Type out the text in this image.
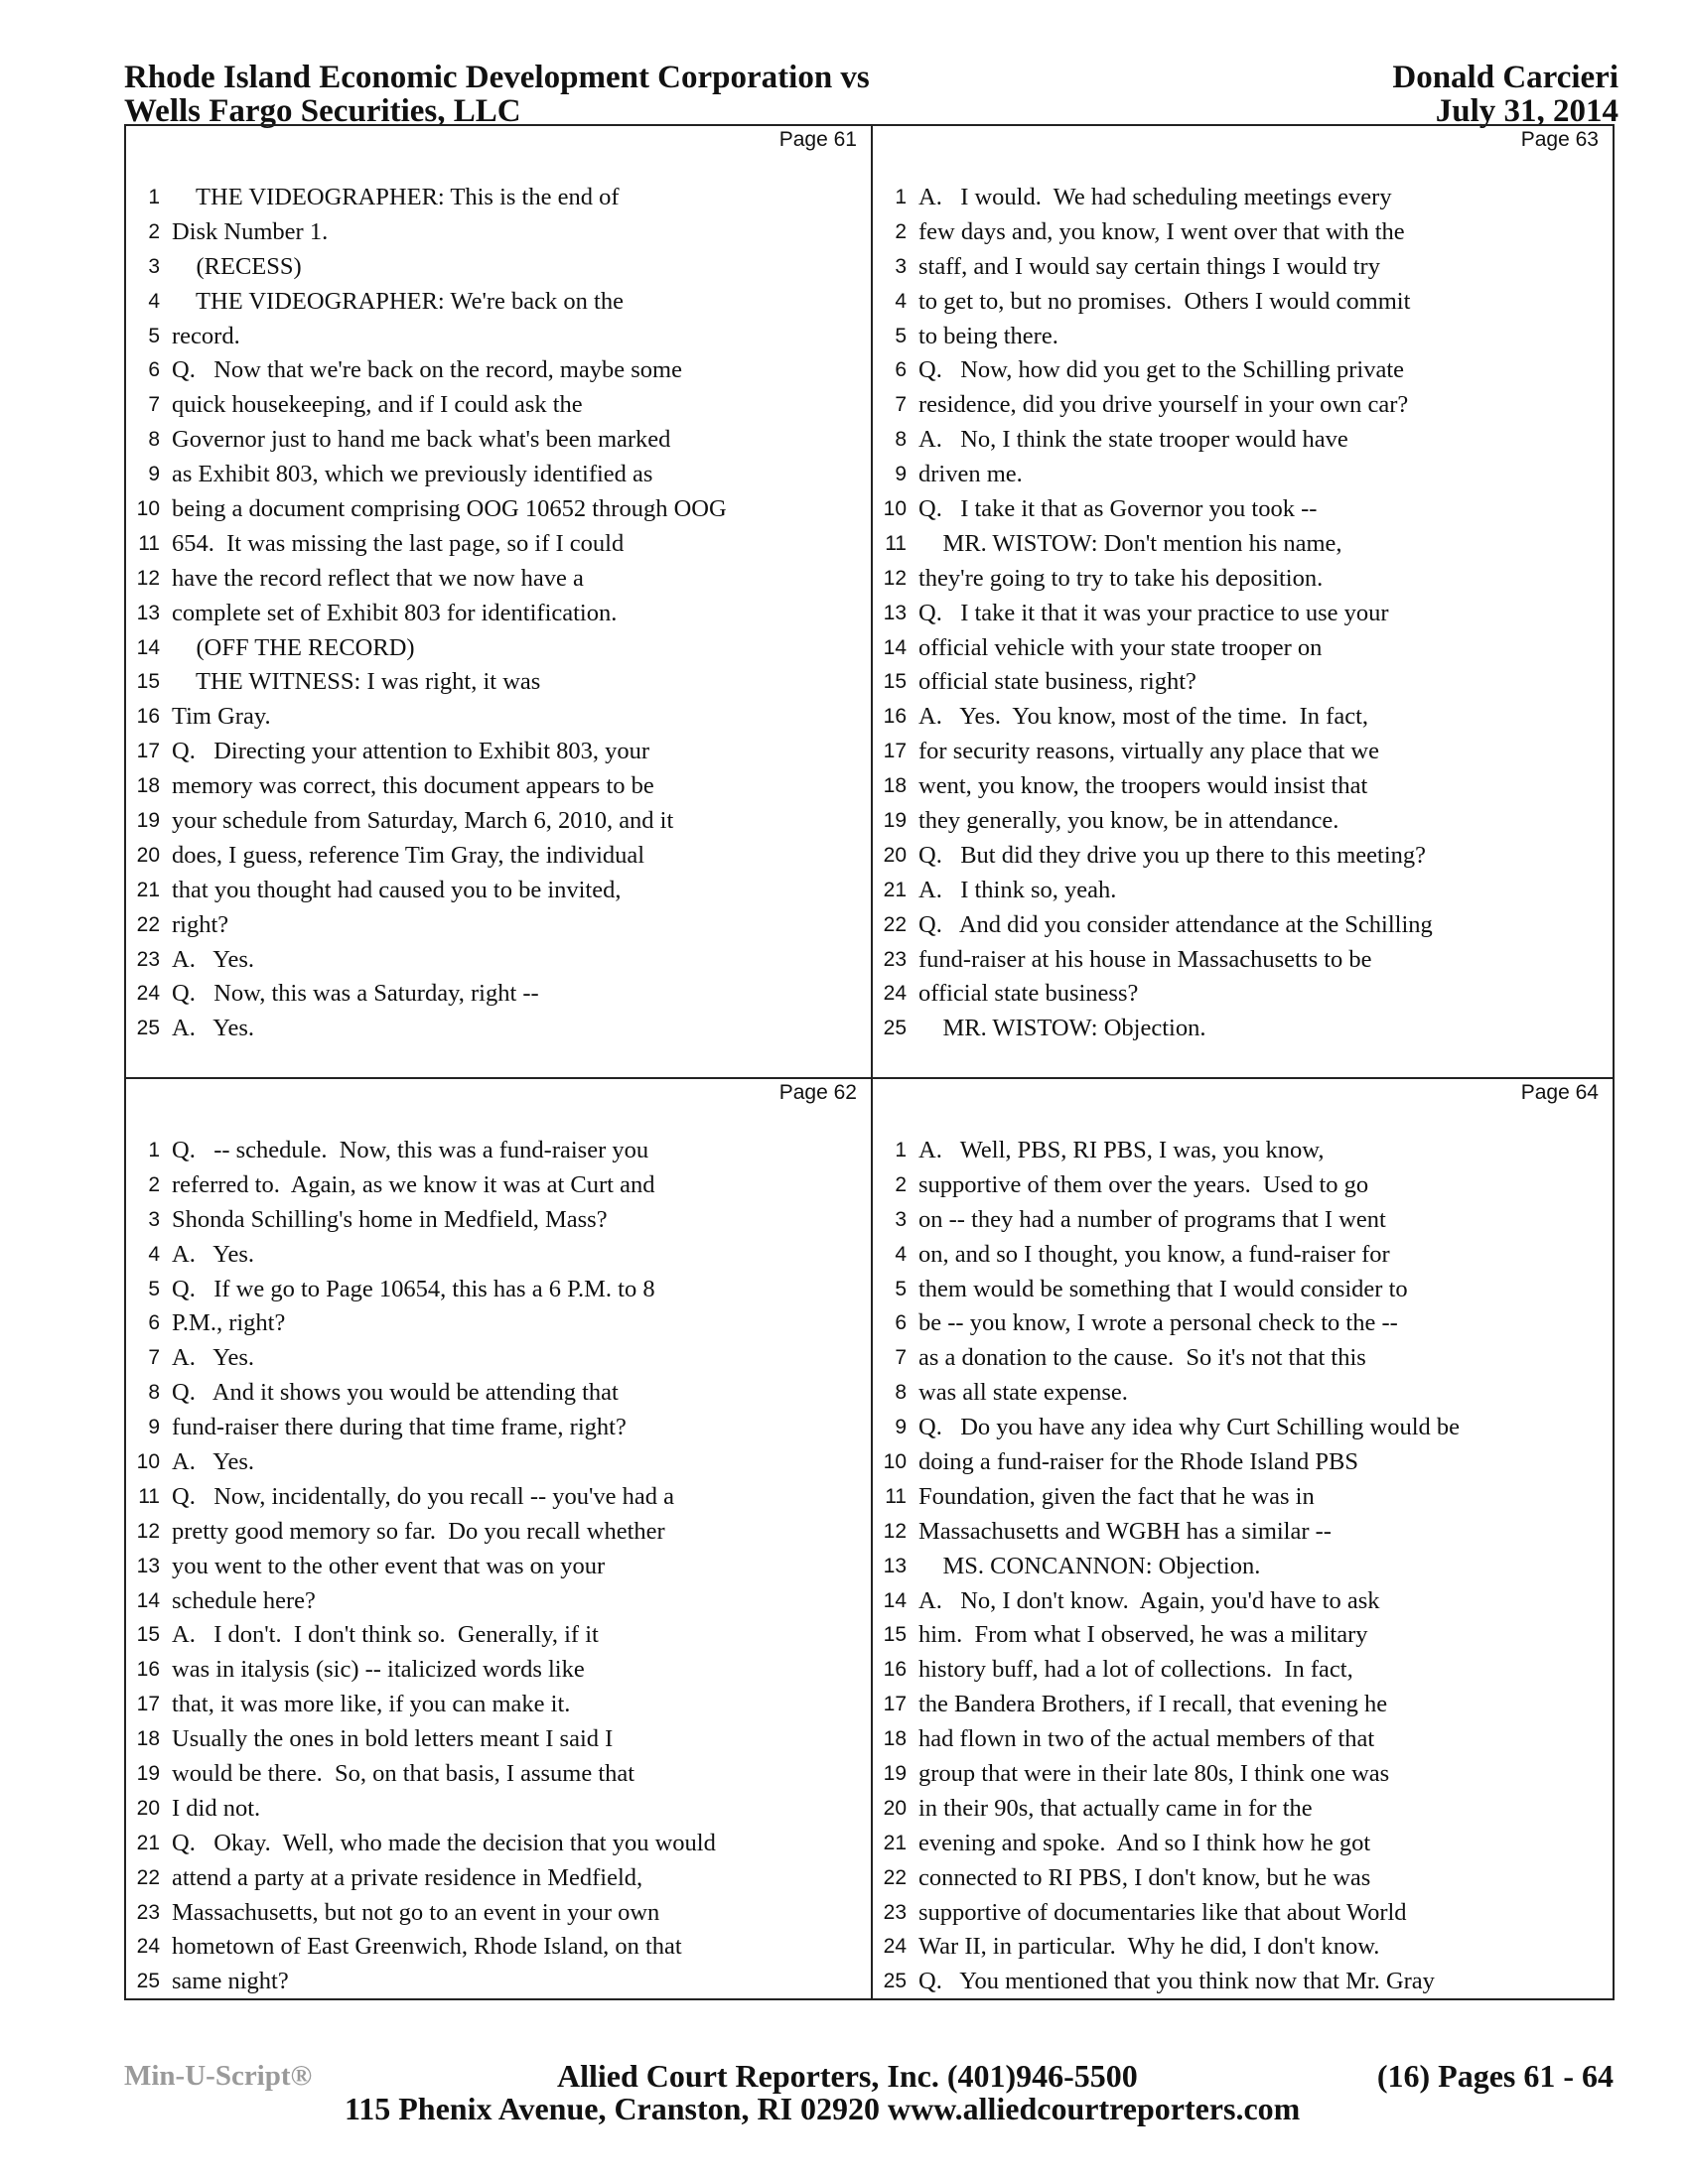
Rhode Island Economic Development Corporation vs
Wells Fargo Securities, LLC
Donald Carcieri
July 31, 2014
Page 61
1 THE VIDEOGRAPHER: This is the end of
2 Disk Number 1.
3 (RECESS)
4 THE VIDEOGRAPHER: We're back on the
5 record.
6 Q.   Now that we're back on the record, maybe some
7 quick housekeeping, and if I could ask the
8 Governor just to hand me back what's been marked
9 as Exhibit 803, which we previously identified as
10 being a document comprising OOG 10652 through OOG
11 654.  It was missing the last page, so if I could
12 have the record reflect that we now have a
13 complete set of Exhibit 803 for identification.
14 (OFF THE RECORD)
15 THE WITNESS: I was right, it was
16 Tim Gray.
17 Q.   Directing your attention to Exhibit 803, your
18 memory was correct, this document appears to be
19 your schedule from Saturday, March 6, 2010, and it
20 does, I guess, reference Tim Gray, the individual
21 that you thought had caused you to be invited,
22 right?
23 A.   Yes.
24 Q.   Now, this was a Saturday, right --
25 A.   Yes.
Page 63
1 A.   I would.  We had scheduling meetings every
2 few days and, you know, I went over that with the
3 staff, and I would say certain things I would try
4 to get to, but no promises.  Others I would commit
5 to being there.
6 Q.   Now, how did you get to the Schilling private
7 residence, did you drive yourself in your own car?
8 A.   No, I think the state trooper would have
9 driven me.
10 Q.   I take it that as Governor you took --
11 MR. WISTOW: Don't mention his name,
12 they're going to try to take his deposition.
13 Q.   I take it that it was your practice to use your
14 official vehicle with your state trooper on
15 official state business, right?
16 A.   Yes.  You know, most of the time.  In fact,
17 for security reasons, virtually any place that we
18 went, you know, the troopers would insist that
19 they generally, you know, be in attendance.
20 Q.   But did they drive you up there to this meeting?
21 A.   I think so, yeah.
22 Q.   And did you consider attendance at the Schilling
23 fund-raiser at his house in Massachusetts to be
24 official state business?
25 MR. WISTOW: Objection.
Page 62
1 Q.   -- schedule.  Now, this was a fund-raiser you
2 referred to.  Again, as we know it was at Curt and
3 Shonda Schilling's home in Medfield, Mass?
4 A.   Yes.
5 Q.   If we go to Page 10654, this has a 6 P.M. to 8
6 P.M., right?
7 A.   Yes.
8 Q.   And it shows you would be attending that
9 fund-raiser there during that time frame, right?
10 A.   Yes.
11 Q.   Now, incidentally, do you recall -- you've had a
12 pretty good memory so far.  Do you recall whether
13 you went to the other event that was on your
14 schedule here?
15 A.   I don't.  I don't think so.  Generally, if it
16 was in italysis (sic) -- italicized words like
17 that, it was more like, if you can make it.
18 Usually the ones in bold letters meant I said I
19 would be there.  So, on that basis, I assume that
20 I did not.
21 Q.   Okay.  Well, who made the decision that you would
22 attend a party at a private residence in Medfield,
23 Massachusetts, but not go to an event in your own
24 hometown of East Greenwich, Rhode Island, on that
25 same night?
Page 64
1 A.   Well, PBS, RI PBS, I was, you know,
2 supportive of them over the years.  Used to go
3 on -- they had a number of programs that I went
4 on, and so I thought, you know, a fund-raiser for
5 them would be something that I would consider to
6 be -- you know, I wrote a personal check to the --
7 as a donation to the cause.  So it's not that this
8 was all state expense.
9 Q.   Do you have any idea why Curt Schilling would be
10 doing a fund-raiser for the Rhode Island PBS
11 Foundation, given the fact that he was in
12 Massachusetts and WGBH has a similar --
13 MS. CONCANNON: Objection.
14 A.   No, I don't know.  Again, you'd have to ask
15 him.  From what I observed, he was a military
16 history buff, had a lot of collections.  In fact,
17 the Bandera Brothers, if I recall, that evening he
18 had flown in two of the actual members of that
19 group that were in their late 80s, I think one was
20 in their 90s, that actually came in for the
21 evening and spoke.  And so I think how he got
22 connected to RI PBS, I don't know, but he was
23 supportive of documentaries like that about World
24 War II, in particular.  Why he did, I don't know.
25 Q.   You mentioned that you think now that Mr. Gray
Min-U-Script®	Allied Court Reporters, Inc. (401)946-5500	(16) Pages 61 - 64
115 Phenix Avenue, Cranston, RI 02920 www.alliedcourtreporters.com
